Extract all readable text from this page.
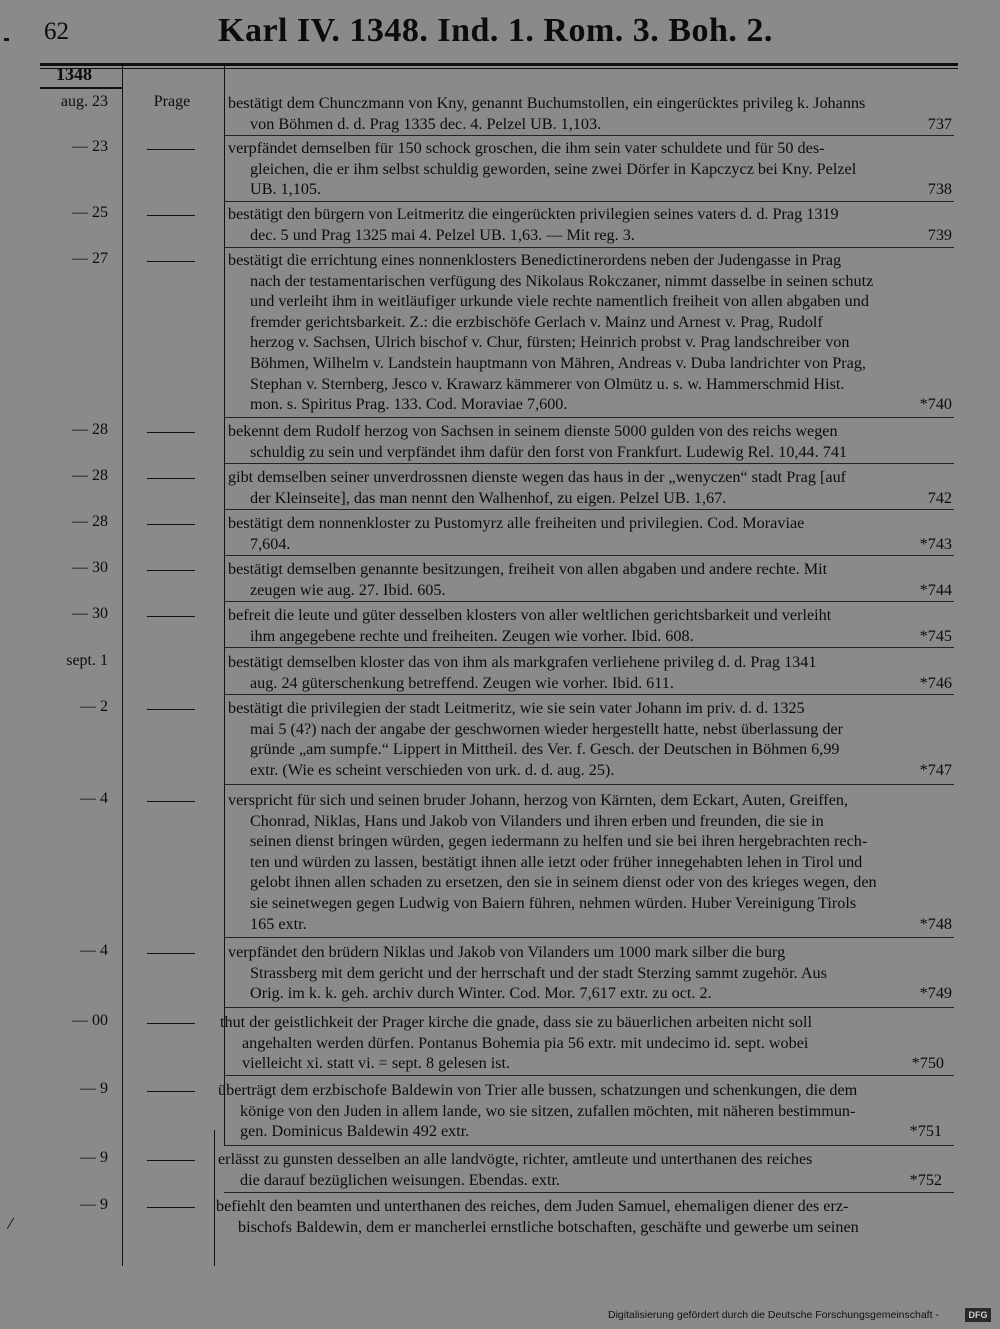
62	Karl IV. 1348. Ind. 1. Rom. 3. Boh. 2.
1348
aug. 23	Prage	bestätigt dem Chunczmann von Kny, genannt Buchumstollen, ein eingerücktes privileg k. Johanns
von Böhmen d. d. Prag 1335 dec. 4. Pelzel UB. 1,103.	737
— 23	verpfändet demselben für 150 schock groschen, die ihm sein vater schuldete und für 50 des-
gleichen, die er ihm selbst schuldig geworden, seine zwei Dörfer in Kapczycz bei Kny. Pelzel
UB. 1,105.	738
— 25	bestätigt den bürgern von Leitmeritz die eingerückten privilegien seines vaters d. d. Prag 1319
dec. 5 und Prag 1325 mai 4. Pelzel UB. 1,63. — Mit reg. 3.	739
— 27	bestätigt die errichtung eines nonnenklosters Benedictinerordens neben der Judengasse in Prag
nach der testamentarischen verfügung des Nikolaus Rokczaner, nimmt dasselbe in seinen schutz
und verleiht ihm in weitläufiger urkunde viele rechte namentlich freiheit von allen abgaben und
fremder gerichtsbarkeit. Z.: die erzbischöfe Gerlach v. Mainz und Arnest v. Prag, Rudolf
herzog v. Sachsen, Ulrich bischof v. Chur, fürsten; Heinrich probst v. Prag landschreiber von
Böhmen, Wilhelm v. Landstein hauptmann von Mähren, Andreas v. Duba landrichter von Prag,
Stephan v. Sternberg, Jesco v. Krawarz kämmerer von Olmütz u. s. w. Hammerschmid Hist.
mon. s. Spiritus Prag. 133. Cod. Moraviae 7,600.	*740
— 28	bekennt dem Rudolf herzog von Sachsen in seinem dienste 5000 gulden von des reichs wegen
schuldig zu sein und verpfändet ihm dafür den forst von Frankfurt. Ludewig Rel. 10,44. 741
— 28	gibt demselben seiner unverdrossnen dienste wegen das haus in der „wenyczen“ stadt Prag [auf
der Kleinseite], das man nennt den Walhenhof, zu eigen. Pelzel UB. 1,67.	742
— 28	bestätigt dem nonnenkloster zu Pustomyrz alle freiheiten und privilegien. Cod. Moraviae
7,604.	*743
— 30	bestätigt demselben genannte besitzungen, freiheit von allen abgaben und andere rechte. Mit
zeugen wie aug. 27. Ibid. 605.	*744
— 30	befreit die leute und güter desselben klosters von aller weltlichen gerichtsbarkeit und verleiht
ihm angegebene rechte und freiheiten. Zeugen wie vorher. Ibid. 608.	*745
sept. 1	bestätigt demselben kloster das von ihm als markgrafen verliehene privileg d. d. Prag 1341
aug. 24 güterschenkung betreffend. Zeugen wie vorher. Ibid. 611.	*746
— 2	bestätigt die privilegien der stadt Leitmeritz, wie sie sein vater Johann im priv. d. d. 1325
mai 5 (4?) nach der angabe der geschwornen wieder hergestellt hatte, nebst überlassung der
gründe „am sumpfe.“ Lippert in Mittheil. des Ver. f. Gesch. der Deutschen in Böhmen 6,99
extr. (Wie es scheint verschieden von urk. d. d. aug. 25).	*747
— 4	verspricht für sich und seinen bruder Johann, herzog von Kärnten, dem Eckart, Auten, Greiffen,
Chonrad, Niklas, Hans und Jakob von Vilanders und ihren erben und freunden, die sie in
seinen dienst bringen würden, gegen iedermann zu helfen und sie bei ihren hergebrachten rech-
ten und würden zu lassen, bestätigt ihnen alle ietzt oder früher innegehabten lehen in Tirol und
gelobt ihnen allen schaden zu ersetzen, den sie in seinem dienst oder von des krieges wegen, den
sie seinetwegen gegen Ludwig von Baiern führen, nehmen würden. Huber Vereinigung Tirols
165 extr.	*748
— 4	verpfändet den brüdern Niklas und Jakob von Vilanders um 1000 mark silber die burg
Strassberg mit dem gericht und der herrschaft und der stadt Sterzing sammt zugehör. Aus
Orig. im k. k. geh. archiv durch Winter. Cod. Mor. 7,617 extr. zu oct. 2.	*749
— 00	thut der geistlichkeit der Prager kirche die gnade, dass sie zu bäuerlichen arbeiten nicht soll
angehalten werden dürfen. Pontanus Bohemia pia 56 extr. mit undecimo id. sept. wobei
vielleicht xi. statt vi. = sept. 8 gelesen ist.	*750
— 9	überträgt dem erzbischofe Baldewin von Trier alle bussen, schatzungen und schenkungen, die dem
könige von den Juden in allem lande, wo sie sitzen, zufallen möchten, mit näheren bestimmun-
gen. Dominicus Baldewin 492 extr.	*751
— 9	erlässt zu gunsten desselben an alle landvögte, richter, amtleute und unterthanen des reiches
die darauf bezüglichen weisungen. Ebendas. extr.	*752
— 9	befiehlt den beamten und unterthanen des reiches, dem Juden Samuel, ehemaligen diener des erz-
bischofs Baldewin, dem er mancherlei ernstliche botschaften, geschäfte und gewerbe um seinen
/
Digitalisierung gefördert durch die Deutsche Forschungsgemeinschaft -	DFG
